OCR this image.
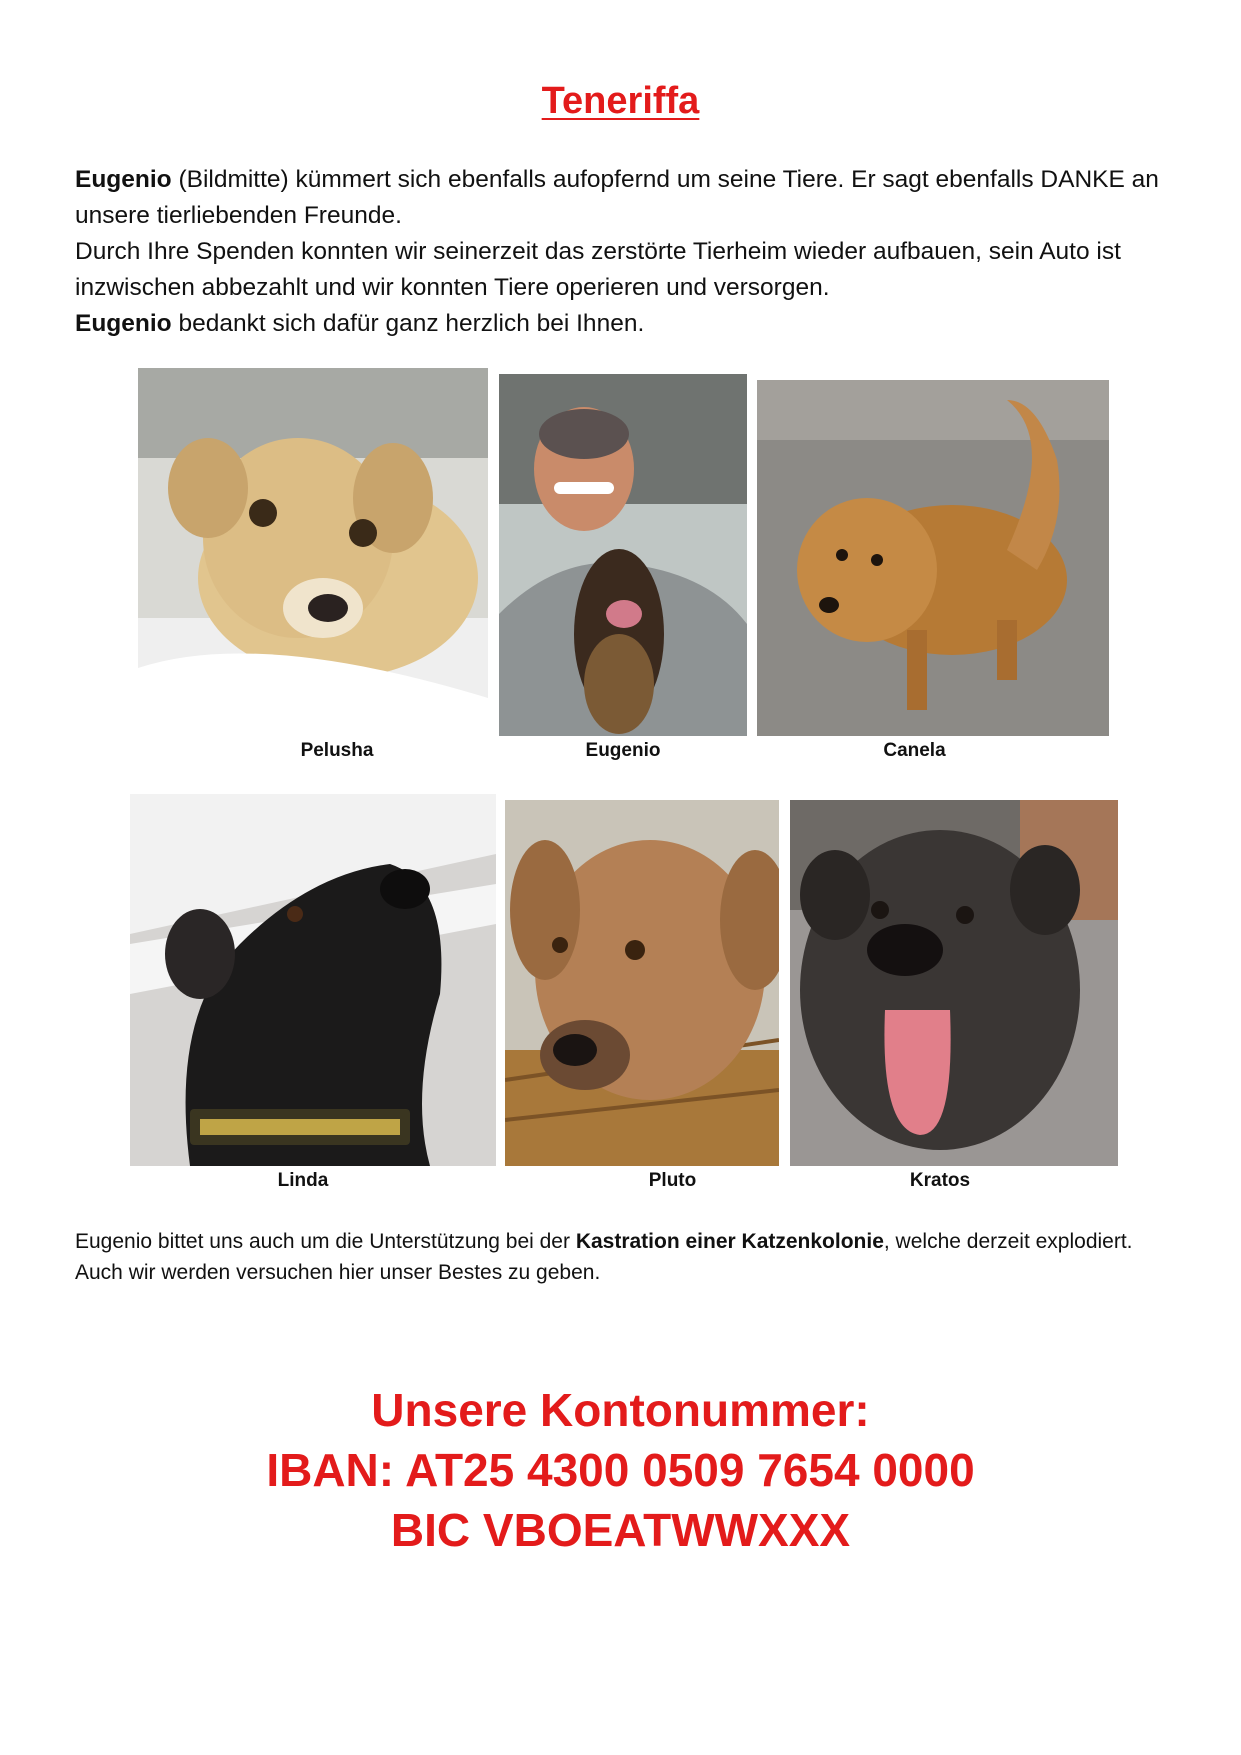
Teneriffa

Eugenio (Bildmitte) kümmert sich ebenfalls aufopfernd um seine Tiere. Er sagt ebenfalls DANKE an unsere tierliebenden Freunde.

Durch Ihre Spenden konnten wir seinerzeit das zerstörte Tierheim wieder aufbauen, sein Auto ist inzwischen abbezahlt und wir konnten Tiere operieren und versorgen.

Eugenio bedankt sich dafür ganz herzlich bei Ihnen.

Pelusha	Eugenio	Canela
Linda	Pluto	Kratos

Eugenio bittet uns auch um die Unterstützung bei der Kastration einer Katzenkolonie, welche derzeit explodiert. Auch wir werden versuchen hier unser Bestes zu geben.

Unsere Kontonummer:
IBAN: AT25 4300 0509 7654 0000
BIC VBOEATWWXXX
